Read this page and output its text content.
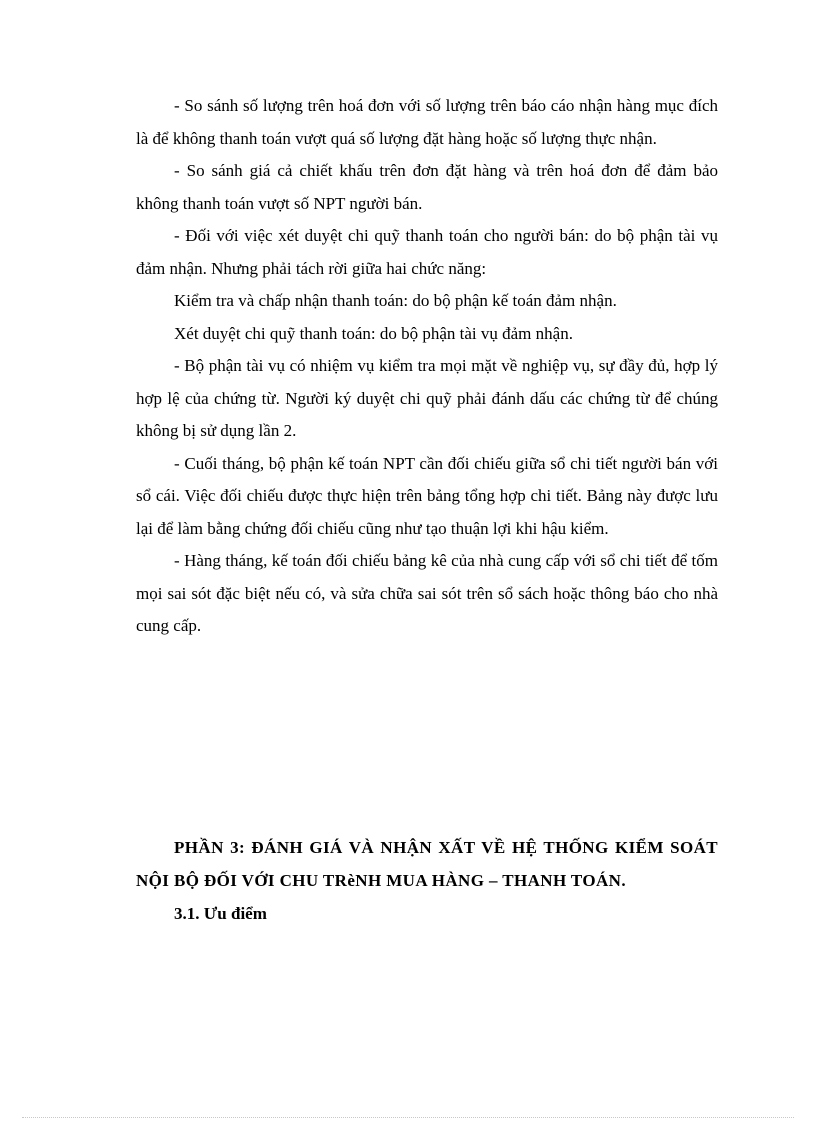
- So sánh số lượng trên hoá đơn với số lượng trên báo cáo nhận hàng mục đích là để không thanh toán vượt quá số lượng đặt hàng hoặc số lượng thực nhận.

- So sánh giá cả chiết khấu trên đơn đặt hàng và trên hoá đơn để đảm bảo không thanh toán vượt số NPT người bán.

- Đối với việc xét duyệt chi quỹ thanh toán cho người bán: do bộ phận tài vụ đảm nhận. Nhưng phải tách rời giữa hai chức năng:

Kiểm tra và chấp nhận thanh toán: do bộ phận kế toán đảm nhận.

Xét duyệt chi quỹ thanh toán: do bộ phận tài vụ đảm nhận.

- Bộ phận tài vụ có nhiệm vụ kiểm tra mọi mặt về nghiệp vụ, sự đầy đủ, hợp lý hợp lệ của chứng từ. Người ký duyệt chi quỹ phải đánh dấu các chứng từ để chúng không bị sử dụng lần 2.

- Cuối tháng, bộ phận kế toán NPT cần đối chiếu giữa sổ chi tiết người bán với sổ cái. Việc đối chiếu được thực hiện trên bảng tổng hợp chi tiết. Bảng này được lưu lại để làm bằng chứng đối chiếu cũng như tạo thuận lợi khi hậu kiểm.

- Hàng tháng, kế toán đối chiếu bảng kê của nhà cung cấp với sổ chi tiết để tốm mọi sai sót đặc biệt nếu có, và sửa chữa sai sót trên sổ sách hoặc thông báo cho nhà cung cấp.

PHẦN 3: ĐÁNH GIÁ VÀ NHẬN XẤT VỀ HỆ THỐNG KIỂM SOÁT NỘI BỘ ĐỐI VỚI CHU TRèNH MUA HÀNG – THANH TOÁN.

3.1. Ưu điểm
